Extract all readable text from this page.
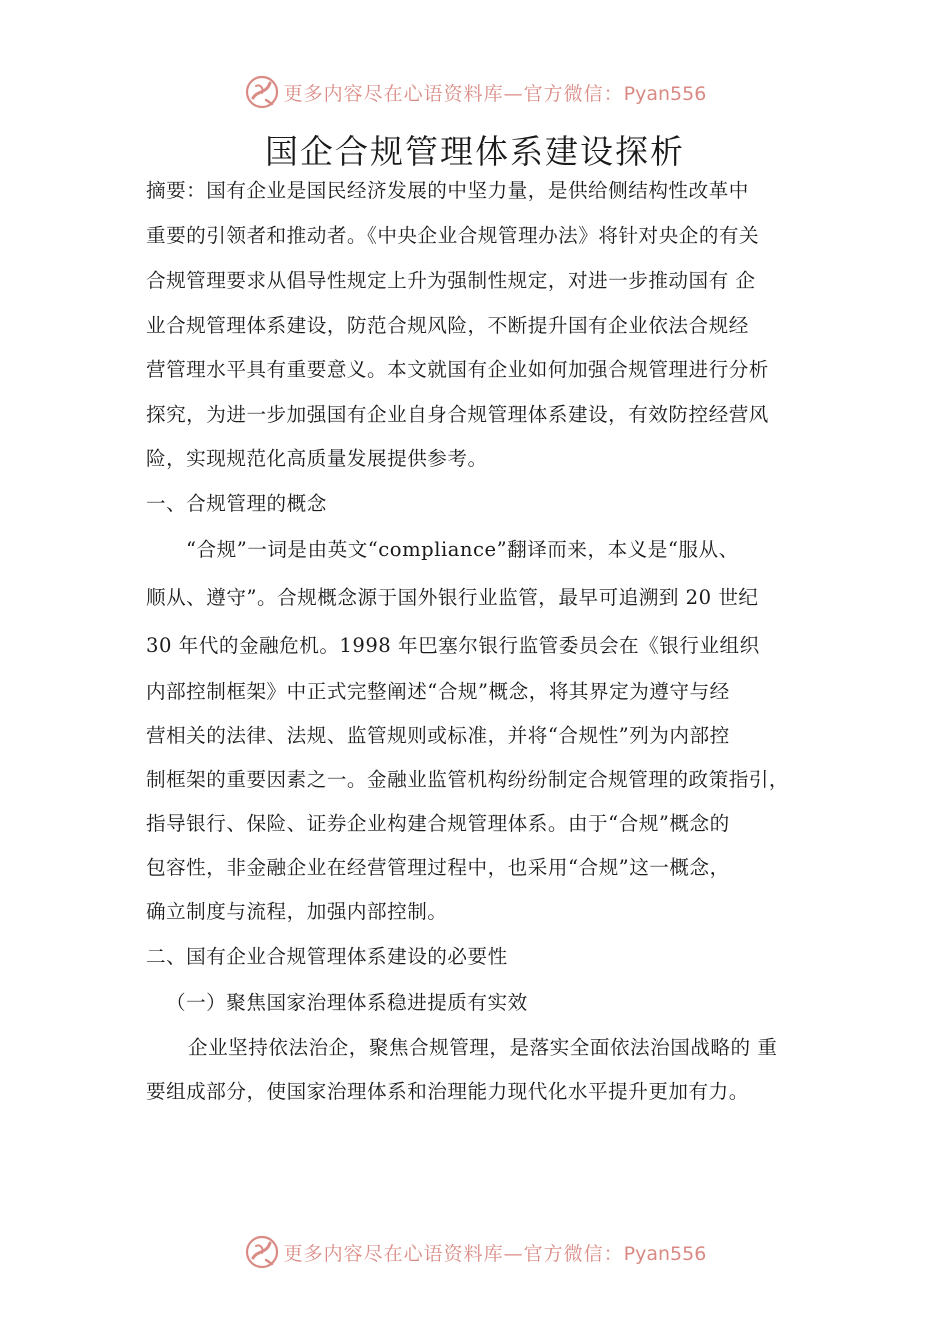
更多内容尽在心语资料库—官方微信：Pyan556
国企合规管理体系建设探析
摘要：国有企业是国民经济发展的中坚力量，是供给侧结构性改革中
重要的引领者和推动者。《中央企业合规管理办法》将针对央企的有关
合规管理要求从倡导性规定上升为强制性规定，对进一步推动国有 企
业合规管理体系建设，防范合规风险，不断提升国有企业依法合规经
营管理水平具有重要意义。本文就国有企业如何加强合规管理进行分析
探究，为进一步加强国有企业自身合规管理体系建设，有效防控经营风
险，实现规范化高质量发展提供参考。
一、合规管理的概念
“合规”一词是由英文“compliance”翻译而来，本义是“服从、
顺从、遵守”。合规概念源于国外银行业监管，最早可追溯到 20 世纪
30 年代的金融危机。1998 年巴塞尔银行监管委员会在《银行业组织
内部控制框架》中正式完整阐述“合规”概念，将其界定为遵守与经
营相关的法律、法规、监管规则或标准，并将“合规性”列为内部控
制框架的重要因素之一。金融业监管机构纷纷制定合规管理的政策指引，
指导银行、保险、证券企业构建合规管理体系。由于“合规”概念的
包容性，非金融企业在经营管理过程中，也采用“合规”这一概念，
确立制度与流程，加强内部控制。
二、国有企业合规管理体系建设的必要性
（一）聚焦国家治理体系稳进提质有实效
企业坚持依法治企，聚焦合规管理，是落实全面依法治国战略的 重
要组成部分，使国家治理体系和治理能力现代化水平提升更加有力。
更多内容尽在心语资料库—官方微信：Pyan556
